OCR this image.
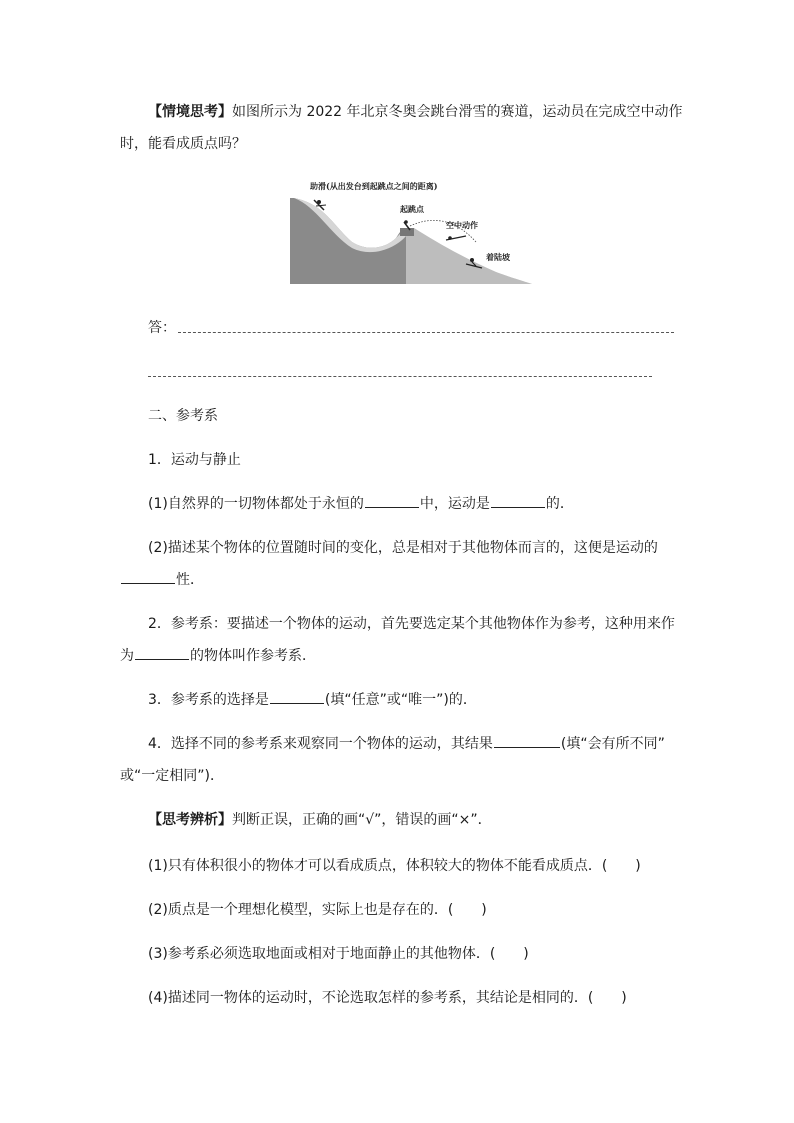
【情境思考】如图所示为 2022 年北京冬奥会跳台滑雪的赛道，运动员在完成空中动作
时，能看成质点吗？
助滑(从出发台到起跳点之间的距离)
起跳点
空中动作
着陆坡
答：
二、参考系
1．运动与静止
(1)自然界的一切物体都处于永恒的	中，运动是	的．
(2)描述某个物体的位置随时间的变化，总是相对于其他物体而言的，这便是运动的
性．
2．参考系：要描述一个物体的运动，首先要选定某个其他物体作为参考，这种用来作
为	的物体叫作参考系．
3．参考系的选择是	(填“任意”或“唯一”)的．
4．选择不同的参考系来观察同一个物体的运动，其结果	(填“会有所不同”
或“一定相同”)．
【思考辨析】判断正误，正确的画“√”，错误的画“×”．
(1)只有体积很小的物体才可以看成质点，体积较大的物体不能看成质点．(　　)
(2)质点是一个理想化模型，实际上也是存在的．(　　)
(3)参考系必须选取地面或相对于地面静止的其他物体．(　　)
(4)描述同一物体的运动时，不论选取怎样的参考系，其结论是相同的．(　　)
